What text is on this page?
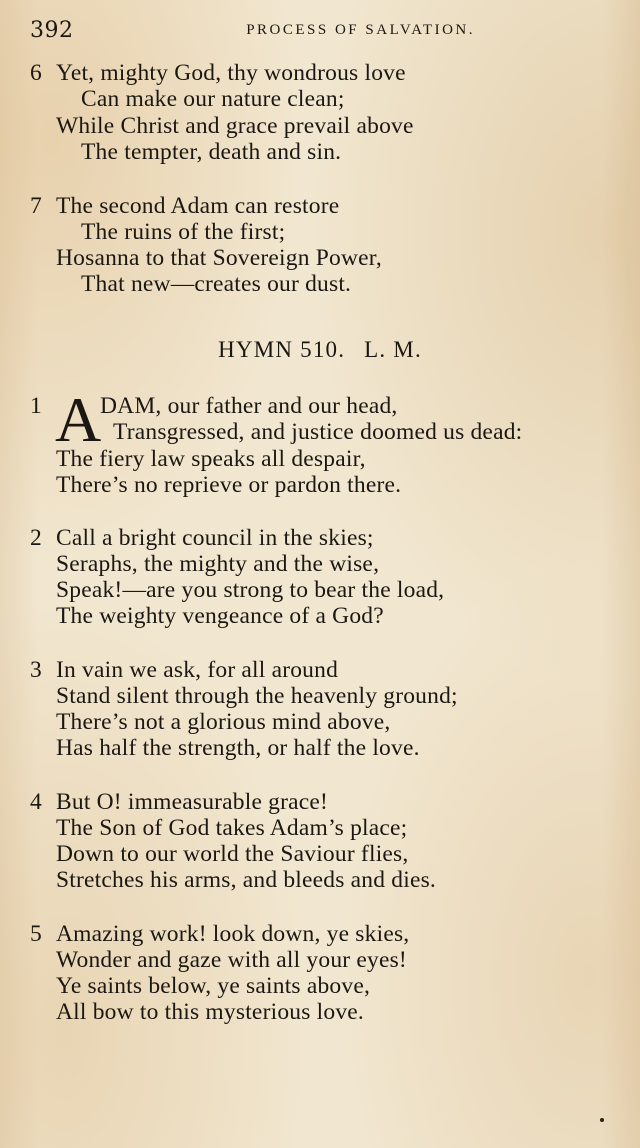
392	PROCESS OF SALVATION.
6 Yet, mighty God, thy wondrous love
Can make our nature clean;
While Christ and grace prevail above
The tempter, death and sin.
7 The second Adam can restore
The ruins of the first;
Hosanna to that Sovereign Power,
That new—creates our dust.
HYMN 510. L. M.
1 A
DAM, our father and our head,
Transgressed, and justice doomed us dead:
The fiery law speaks all despair,
There’s no reprieve or pardon there.
2 Call a bright council in the skies;
Seraphs, the mighty and the wise,
Speak!—are you strong to bear the load,
The weighty vengeance of a God?
3 In vain we ask, for all around
Stand silent through the heavenly ground;
There’s not a glorious mind above,
Has half the strength, or half the love.
4 But O! immeasurable grace!
The Son of God takes Adam’s place;
Down to our world the Saviour flies,
Stretches his arms, and bleeds and dies.
5 Amazing work! look down, ye skies,
Wonder and gaze with all your eyes!
Ye saints below, ye saints above,
All bow to this mysterious love.
